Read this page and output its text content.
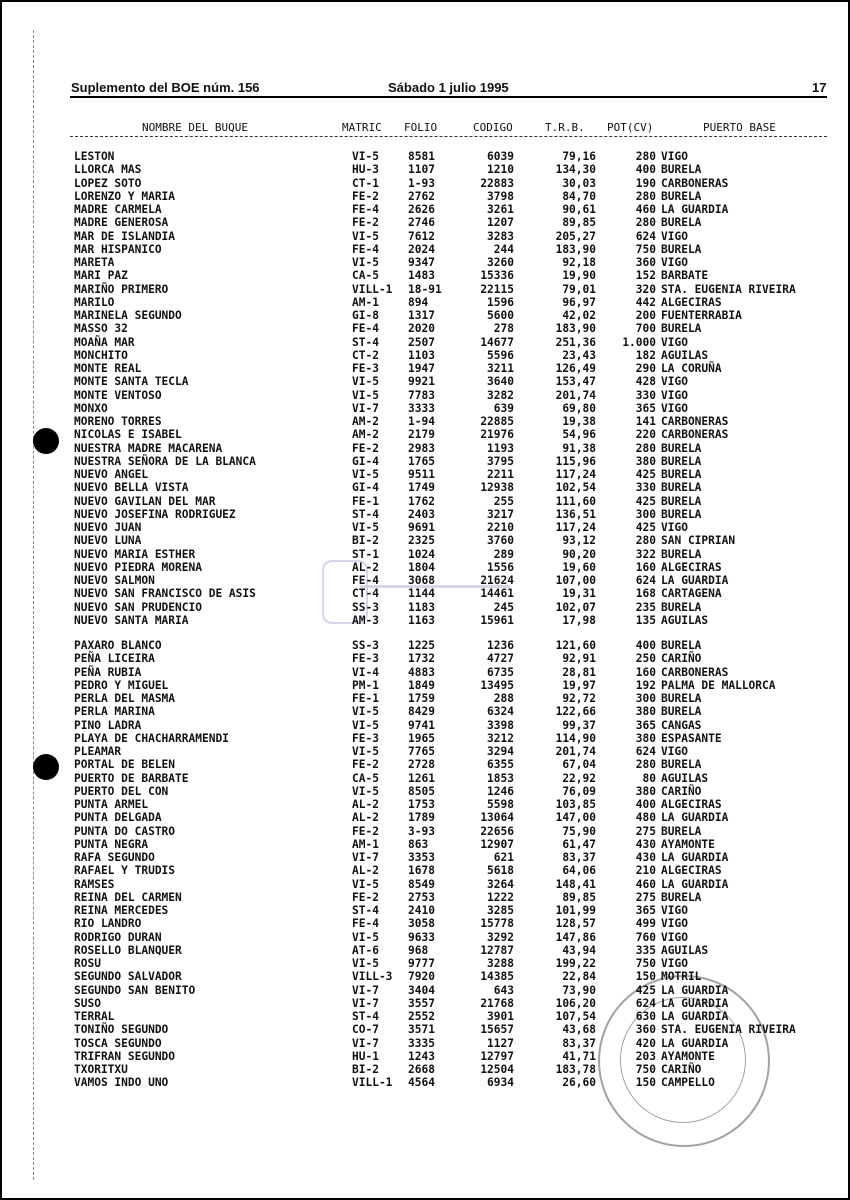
Suplemento del BOE núm. 156	Sábado 1 julio 1995	17
NOMBRE DEL BUQUE	MATRIC FOLIO	CODIGO	T.R.B. POT(CV)	PUERTO BASE
LESTON	VI-5	8581	6039	79,16	280 VIGO
LLORCA MAS	HU-3	1107	1210	134,30	400 BURELA
LOPEZ SOTO	CT-1	1-93	22883	30,03	190 CARBONERAS
LORENZO Y MARIA	FE-2	2762	3798	84,70	280 BURELA
MADRE CARMELA	FE-4	2626	3261	90,61	460 LA GUARDIA
MADRE GENEROSA	FE-2	2746	1207	89,85	280 BURELA
MAR DE ISLANDIA	VI-5	7612	3283	205,27	624 VIGO
MAR HISPANICO	FE-4	2024	244	183,90	750 BURELA
MARETA	VI-5	9347	3260	92,18	360 VIGO
MARI PAZ	CA-5	1483	15336	19,90	152 BARBATE
MARIÑO PRIMERO	VILL-1 18-91	22115	79,01	320 STA. EUGENIA RIVEIRA
MARILO	AM-1	894	1596	96,97	442 ALGECIRAS
MARINELA SEGUNDO	GI-8	1317	5600	42,02	200 FUENTERRABIA
MASSO 32	FE-4	2020	278	183,90	700 BURELA
MOAÑA MAR	ST-4	2507	14677	251,36	1.000 VIGO
MONCHITO	CT-2	1103	5596	23,43	182 AGUILAS
MONTE REAL	FE-3	1947	3211	126,49	290 LA CORUÑA
MONTE SANTA TECLA	VI-5	9921	3640	153,47	428 VIGO
MONTE VENTOSO	VI-5	7783	3282	201,74	330 VIGO
MONXO	VI-7	3333	639	69,80	365 VIGO
MORENO TORRES	AM-2	1-94	22885	19,38	141 CARBONERAS
NICOLAS E ISABEL	AM-2	2179	21976	54,96	220 CARBONERAS
NUESTRA MADRE MACARENA	FE-2	2983	1193	91,38	280 BURELA
NUESTRA SEÑORA DE LA BLANCA	GI-4	1765	3795	115,96	380 BURELA
NUEVO ANGEL	VI-5	9511	2211	117,24	425 BURELA
NUEVO BELLA VISTA	GI-4	1749	12938	102,54	330 BURELA
NUEVO GAVILAN DEL MAR	FE-1	1762	255	111,60	425 BURELA
NUEVO JOSEFINA RODRIGUEZ	ST-4	2403	3217	136,51	300 BURELA
NUEVO JUAN	VI-5	9691	2210	117,24	425 VIGO
NUEVO LUNA	BI-2	2325	3760	93,12	280 SAN CIPRIAN
NUEVO MARIA ESTHER	ST-1	1024	289	90,20	322 BURELA
NUEVO PIEDRA MORENA	AL-2	1804	1556	19,60	160 ALGECIRAS
NUEVO SALMON	FE-4	3068	21624	107,00	624 LA GUARDIA
NUEVO SAN FRANCISCO DE ASIS	CT-4	1144	14461	19,31	168 CARTAGENA
NUEVO SAN PRUDENCIO	SS-3	1183	245	102,07	235 BURELA
NUEVO SANTA MARIA	AM-3	1163	15961	17,98	135 AGUILAS
PAXARO BLANCO	SS-3	1225	1236	121,60	400 BURELA
PEÑA LICEIRA	FE-3	1732	4727	92,91	250 CARIÑO
PEÑA RUBIA	VI-4	4883	6735	28,81	160 CARBONERAS
PEDRO Y MIGUEL	PM-1	1849	13495	19,97	192 PALMA DE MALLORCA
PERLA DEL MASMA	FE-1	1759	288	92,72	300 BURELA
PERLA MARINA	VI-5	8429	6324	122,66	380 BURELA
PINO LADRA	VI-5	9741	3398	99,37	365 CANGAS
PLAYA DE CHACHARRAMENDI	FE-3	1965	3212	114,90	380 ESPASANTE
PLEAMAR	VI-5	7765	3294	201,74	624 VIGO
PORTAL DE BELEN	FE-2	2728	6355	67,04	280 BURELA
PUERTO DE BARBATE	CA-5	1261	1853	22,92	80 AGUILAS
PUERTO DEL CON	VI-5	8505	1246	76,09	380 CARIÑO
PUNTA ARMEL	AL-2	1753	5598	103,85	400 ALGECIRAS
PUNTA DELGADA	AL-2	1789	13064	147,00	480 LA GUARDIA
PUNTA DO CASTRO	FE-2	3-93	22656	75,90	275 BURELA
PUNTA NEGRA	AM-1	863	12907	61,47	430 AYAMONTE
RAFA SEGUNDO	VI-7	3353	621	83,37	430 LA GUARDIA
RAFAEL Y TRUDIS	AL-2	1678	5618	64,06	210 ALGECIRAS
RAMSES	VI-5	8549	3264	148,41	460 LA GUARDIA
REINA DEL CARMEN	FE-2	2753	1222	89,85	275 BURELA
REINA MERCEDES	ST-4	2410	3285	101,99	365 VIGO
RIO LANDRO	FE-4	3058	15778	128,57	499 VIGO
RODRIGO DURAN	VI-5	9633	3292	147,86	760 VIGO
ROSELLO BLANQUER	AT-6	968	12787	43,94	335 AGUILAS
ROSU	VI-5	9777	3288	199,22	750 VIGO
SEGUNDO SALVADOR	VILL-3 7920	14385	22,84	150 MOTRIL
SEGUNDO SAN BENITO	VI-7	3404	643	73,90	425 LA GUARDIA
SUSO	VI-7	3557	21768	106,20	624 LA GUARDIA
TERRAL	ST-4	2552	3901	107,54	630 LA GUARDIA
TONIÑO SEGUNDO	CO-7	3571	15657	43,68	360 STA. EUGENIA RIVEIRA
TOSCA SEGUNDO	VI-7	3335	1127	83,37	420 LA GUARDIA
TRIFRAN SEGUNDO	HU-1	1243	12797	41,71	203 AYAMONTE
TXORITXU	BI-2	2668	12504	183,78	750 CARIÑO
VAMOS INDO UNO	VILL-1 4564	6934	26,60	150 CAMPELLO
